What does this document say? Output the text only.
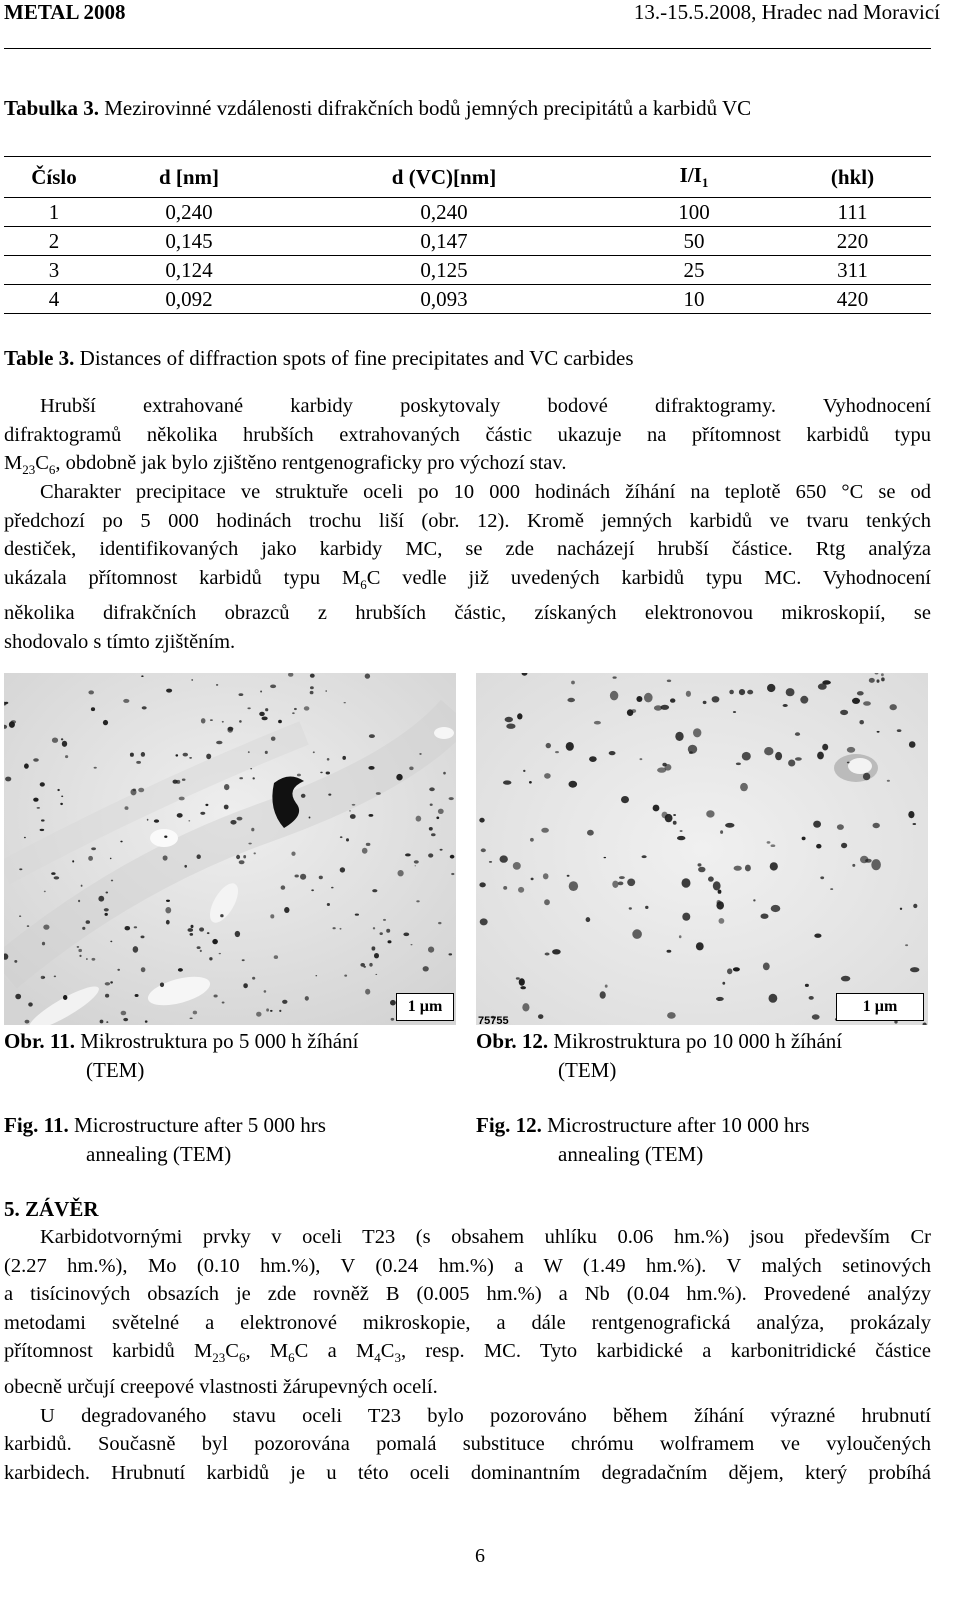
METAL 2008	13.-15.5.2008, Hradec nad Moravicí
Tabulka 3. Mezirovinné vzdálenosti difrakčních bodů jemných precipitátů a karbidů VC
Číslo	d [nm]	d (VC)[nm]	$I/I_1$	(hkl)
1	0,240	0,240	100	111
2	0,145	0,147	50	220
3	0,124	0,125	25	311
4	0,092	0,093	10	420
Table 3. Distances of diffraction spots of fine precipitates and VC carbides
Hrubší extrahované karbidy poskytovaly bodové difraktogramy. Vyhodnocení
difraktogramů několika hrubších extrahovaných částic ukazuje na přítomnost karbidů typu
$M_{23}C_6$, obdobně jak bylo zjištěno rentgenograficky pro výchozí stav.
Charakter precipitace ve struktuře oceli po 10 000 hodinách žíhání na teplotě 650 °C se od
předchozí po 5 000 hodinách trochu liší (obr. 12). Kromě jemných karbidů ve tvaru tenkých
destiček, identifikovaných jako karbidy MC, se zde nacházejí hrubší částice. Rtg analýza
ukázala přítomnost karbidů typu $M_6C$ vedle již uvedených karbidů typu MC. Vyhodnocení
několika difrakčních obrazců z hrubších částic, získaných elektronovou mikroskopií, se
shodovalo s tímto zjištěním.
1 µm
75755
1 µm
Obr. 11. Mikrostruktura po 5 000 h žíhání
(TEM)
Obr. 12. Mikrostruktura po 10 000 h žíhání
(TEM)
Fig. 11. Microstructure after 5 000 hrs
annealing (TEM)
Fig. 12. Microstructure after 10 000 hrs
annealing (TEM)
5. ZÁVĚR
Karbidotvornými prvky v oceli T23 (s obsahem uhlíku 0.06 hm.%) jsou především Cr
(2.27 hm.%), Mo (0.10 hm.%), V (0.24 hm.%) a W (1.49 hm.%). V malých setinových
a tisícinových obsazích je zde rovněž B (0.005 hm.%) a Nb (0.04 hm.%). Provedené analýzy
metodami světelné a elektronové mikroskopie, a dále rentgenografická analýza, prokázaly
přítomnost karbidů $M_{23}C_6$, $M_6C$ a $M_4C_3$, resp. MC. Tyto karbidické a karbonitridické částice
obecně určují creepové vlastnosti žárupevných ocelí.
U degradovaného stavu oceli T23 bylo pozorováno během žíhání výrazné hrubnutí
karbidů. Současně byl pozorována pomalá substituce chrómu wolframem ve vyloučených
karbidech. Hrubnutí karbidů je u této oceli dominantním degradačním dějem, který probíhá
6
